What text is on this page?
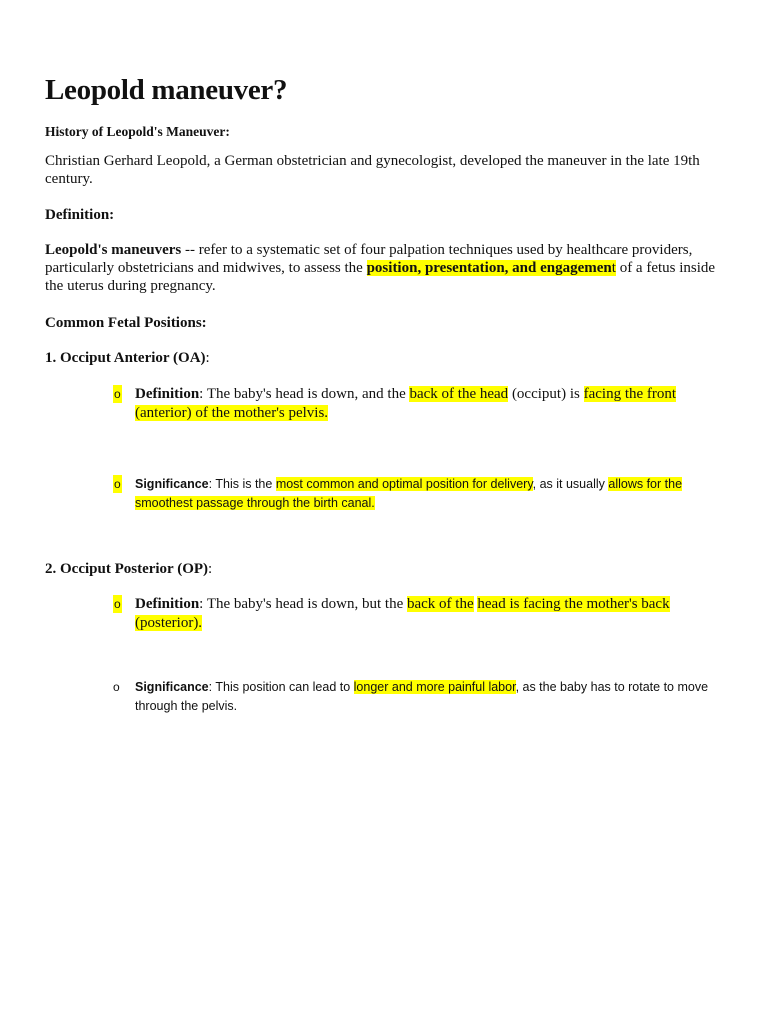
Leopold maneuver?

History of Leopold's Maneuver:

Christian Gerhard Leopold, a German obstetrician and gynecologist, developed the maneuver in the late 19th century.

Definition:

Leopold's maneuvers -- refer to a systematic set of four palpation techniques used by healthcare providers, particularly obstetricians and midwives, to assess the position, presentation, and engagement of a fetus inside the uterus during pregnancy.

Common Fetal Positions:

1. Occiput Anterior (OA):

o Definition: The baby's head is down, and the back of the head (occiput) is facing the front (anterior) of the mother's pelvis.

o Significance: This is the most common and optimal position for delivery, as it usually allows for the smoothest passage through the birth canal.

2. Occiput Posterior (OP):

o Definition: The baby's head is down, but the back of the head is facing the mother's back (posterior).

o Significance: This position can lead to longer and more painful labor, as the baby has to rotate to move through the pelvis.
